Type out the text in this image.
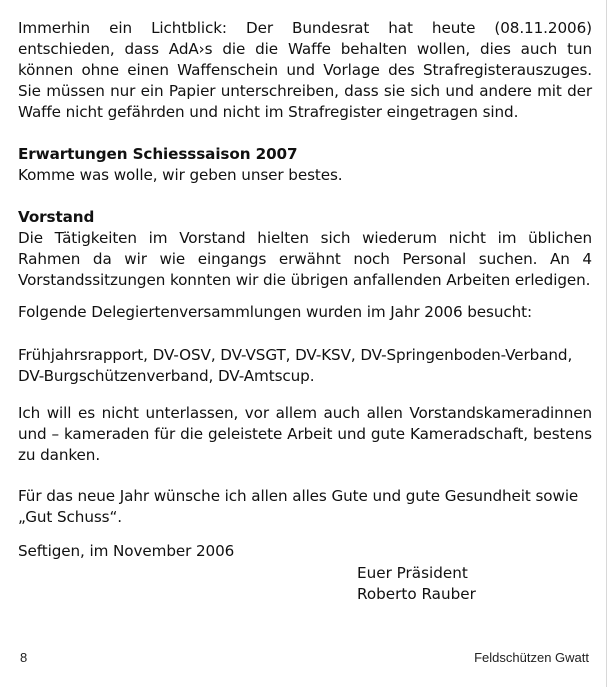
Immerhin ein Lichtblick: Der Bundesrat hat heute (08.11.2006) entschieden, dass AdA›s die die Waffe behalten wollen, dies auch tun können ohne einen Waffenschein und Vorlage des Strafregisterauszuges. Sie müssen nur ein Papier unterschreiben, dass sie sich und andere mit der Waffe nicht gefährden und nicht im Strafregister eingetragen sind.

Erwartungen Schiesssaison 2007

Komme was wolle, wir geben unser bestes.

Vorstand

Die Tätigkeiten im Vorstand hielten sich wiederum nicht im üblichen Rahmen da wir wie eingangs erwähnt noch Personal suchen. An 4 Vorstandssitzungen konnten wir die übrigen anfallenden Arbeiten erledigen.

Folgende Delegiertenversammlungen wurden im Jahr 2006 besucht:

Frühjahrsrapport, DV-OSV, DV-VSGT, DV-KSV, DV-Springenboden-Verband, DV-Burgschützenverband, DV-Amtscup.

Ich will es nicht unterlassen, vor allem auch allen Vorstandskameradinnen und – kameraden für die geleistete Arbeit und gute Kameradschaft, bestens zu danken.

Für das neue Jahr wünsche ich allen alles Gute und gute Gesundheit sowie „Gut Schuss“.

Seftigen, im November 2006

Euer Präsident
Roberto Rauber
8	Feldschützen Gwatt
